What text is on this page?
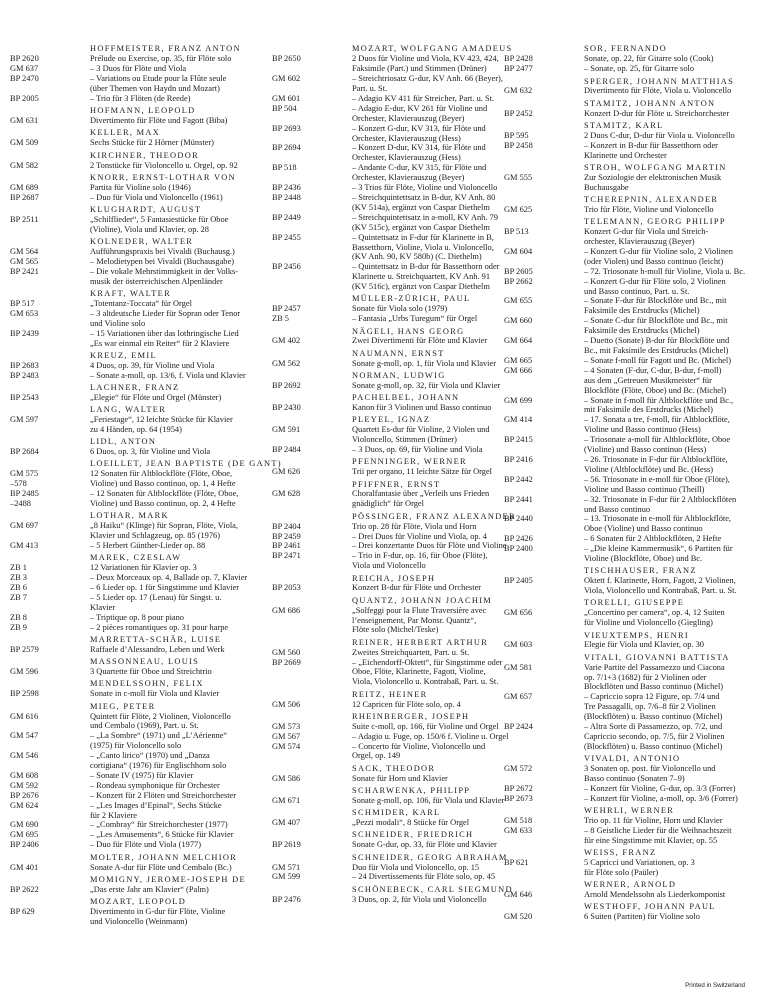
HOFFMEISTER, FRANZ ANTON
BP 2620	Prélude ou Exercise, op. 35, für Flöte solo
GM 637	– 3 Duos für Flöte und Viola
BP 2470	– Variations ou Etude pour la Flûte seule
(über Themen von Haydn und Mozart)
BP 2005	– Trio für 3 Flöten (de Reede)
HOFMANN, LEOPOLD
GM 631	Divertimento für Flöte und Fagott (Biba)
KELLER, MAX
GM 509	Sechs Stücke für 2 Hörner (Münster)
KIRCHNER, THEODOR
GM 582	2 Tonstücke für Violoncello u. Orgel, op. 92
KNORR, ERNST-LOTHAR VON
GM 689	Partita für Violine solo (1946)
BP 2687	– Duo für Viola und Violoncello (1961)
KLUGHARDT, AUGUST
BP 2511	„Schilflieder“, 5 Fantasiestücke für Oboe
(Violine), Viola und Klavier, op. 28
KOLNEDER, WALTER
GM 564	Aufführungspraxis bei Vivaldi (Buchausg.)
GM 565	– Melodietypen bei Vivaldi (Buchausgabe)
BP 2421	– Die vokale Mehrstimmigkeit in der Volks-
musik der österreichischen Alpenländer
KRAFT, WALTER
BP 517	„Totentanz-Toccata“ für Orgel
GM 653	– 3 altdeutsche Lieder für Sopran oder Tenor
und Violine solo
BP 2439	– 15 Variationen über das lothringische Lied
„Es war einmal ein Reiter“ für 2 Klaviere
KREUZ, EMIL
BP 2683	4 Duos, op. 39, für Violine und Viola
BP 2483	– Sonate a-moll, op. 13/6, f. Viola und Klavier
LACHNER, FRANZ
BP 2543	„Elegie“ für Flöte und Orgel (Münster)
LANG, WALTER
GM 597	„Feriestage“, 12 leichte Stücke für Klavier
zu 4 Händen, op. 64 (1954)
LIDL, ANTON
BP 2684	6 Duos, op. 3, für Violine und Viola
LOEILLET, JEAN BAPTISTE (DE GANT)
GM 575	12 Sonaten für Altblockflöte (Flöte, Oboe,
–578	Violine) und Basso continuo, op. 1, 4 Hefte
BP 2485	– 12 Sonaten für Altblockflöte (Flöte, Oboe,
–2488	Violine) und Basso continuo, op. 2, 4 Hefte
LOTHAR, MARK
GM 697	„8 Haiku“ (Klinge) für Sopran, Flöte, Viola,
Klavier und Schlagzeug, op. 85 (1976)
GM 413	– 5 Herbert Günther-Lieder op. 88
MAREK, CZESLAW
ZB 1	12 Variationen für Klavier op. 3
ZB 3	– Deux Morceaux op. 4, Ballade op. 7, Klavier
ZB 6	– 6 Lieder op. 1 für Singstimme und Klavier
ZB 7	– 5 Lieder op. 17 (Lenau) für Singst. u. Klavier
ZB 8	– Triptique op. 8 pour piano
ZB 9	– 2 pièces romantiques op. 31 pour harpe
MARRETTA-SCHÄR, LUISE
BP 2579	Raffaele d’Alessandro, Leben und Werk
MASSONNEAU, LOUIS
GM 596	3 Quartette für Oboe und Streichtrio
MENDELSSOHN, FELIX
BP 2598	Sonate in c-moll für Viola und Klavier
MIEG, PETER
GM 616	Quintett für Flöte, 2 Violinen, Violoncello
und Cembalo (1969), Part. u. St.
GM 547	– „La Sombre“ (1971) und „L’Aérienne“
(1975) für Violoncello solo
GM 546	– „Canto lirico“ (1970) und „Danza
cortigiana“ (1976) für Englischhorn solo
GM 608	– Sonate IV (1975) für Klavier
GM 592	– Rondeau symphonique für Orchester
BP 2676	– Konzert für 2 Flöten und Streichorchester
GM 624	– „Les Images d’Epinal“, Sechs Stücke
für 2 Klaviere
GM 690	– „Combray“ für Streichorchester (1977)
GM 695	– „Les Amusements“, 6 Stücke für Klavier
BP 2406	– Duo für Flöte und Viola (1977)
MOLTER, JOHANN MELCHIOR
GM 401	Sonate A-dur für Flöte und Cembalo (Bc.)
MOMIGNY, JEROME-JOSEPH DE
BP 2622	„Das erste Jahr am Klavier“ (Palm)
MOZART, LEOPOLD
BP 629	Divertimento in G-dur für Flöte, Violine
und Violoncello (Weinmann)
MOZART, WOLFGANG AMADEUS
BP 2650	2 Duos für Violine und Viola, KV 423, 424,
Faksimile (Part.) und Stimmen (Drüner)
GM 602	– Streichtriosatz G-dur, KV Anh. 66 (Beyer),
Part. u. St.
GM 601	– Adagio KV 411 für Streicher, Part. u. St.
BP 504	– Adagio E-dur, KV 261 für Violine und
Orchester, Klavierauszug (Beyer)
BP 2693	– Konzert G-dur, KV 313, für Flöte und
Orchester, Klavierauszug (Hess)
BP 2694	– Konzert D-dur, KV 314, für Flöte und
Orchester, Klavierauszug (Hess)
BP 518	– Andante C-dur, KV 315, für Flöte und
Orchester, Klavierauszug (Beyer)
BP 2436	– 3 Trios für Flöte, Violine und Violoncello
BP 2448	– Streichquintettsatz in B-dur, KV Anh. 80
(KV 514a), ergänzt von Caspar Diethelm
BP 2449	– Streichquintettsatz in a-moll, KV Anh. 79
(KV 515c), ergänzt von Caspar Diethelm
BP 2455	– Quintettsatz in F-dur für Klarinette in B,
Bassetthorn, Violine, Viola u. Violoncello,
(KV Anh. 90, KV 580b) (C. Diethelm)
BP 2456	– Quintettsatz in B-dur für Bassetthorn oder
Klarinette u. Streichquartett, KV Anh. 91
(KV 516c), ergänzt von Caspar Diethelm
MÜLLER-ZÜRICH, PAUL
BP 2457	Sonate für Viola solo (1979)
ZB 5	– Fantasia „Urbs Turegum“ für Orgel
NÄGELI, HANS GEORG
GM 402	Zwei Divertimenti für Flöte und Klavier
NAUMANN, ERNST
GM 562	Sonate g-moll, op. 1, für Viola und Klavier
NORMAN, LUDWIG
BP 2692	Sonate g-moll, op. 32, für Viola und Klavier
PACHELBEL, JOHANN
BP 2430	Kanon für 3 Violinen und Basso continuo
PLEYEL, IGNAZ
GM 591	Quartett Es-dur für Violine, 2 Violen und
Violoncello, Stimmen (Drüner)
BP 2484	– 3 Duos, op. 69, für Violine und Viola
PFENNINGER, WERNER
GM 626	Trii per organo, 11 leichte Sätze für Orgel
PFIFFNER, ERNST
GM 628	Choralfantasie über „Verleih uns Frieden
gnädiglich“ für Orgel
PÖSSINGER, FRANZ ALEXANDER
BP 2404	Trio op. 28 für Flöte, Viola und Horn
BP 2459	– Drei Duos für Violine und Viola, op. 4
BP 2461	– Drei konzertante Duos für Flöte und Violine
BP 2471	– Trio in F-dur, op. 16, für Oboe (Flöte),
Viola und Violoncello
REICHA, JOSEPH
BP 2053	Konzert B-dur für Flöte und Orchester
QUANTZ, JOHANN JOACHIM
GM 686	„Solfeggi pour la Flute Traversière avec
l’enseignement, Par Monsr. Quantz“,
Flöte solo (Michel/Teske)
REINER, HERBERT ARTHUR
GM 560	Zweites Streichquartett, Part. u. St.
BP 2669	– „Eichendorff-Oktett“, für Singstimme oder
Oboe, Flöte, Klarinette, Fagott, Violine,
Viola, Violoncello u. Kontrabaß, Part. u. St.
REITZ, HEINER
GM 506	12 Capricen für Flöte solo, op. 4
RHEINBERGER, JOSEPH
GM 573	Suite c-moll, op. 166, für Violine und Orgel
GM 567	– Adagio u. Fuge, op. 150/6 f. Violine u. Orgel
GM 574	– Concerto für Violine, Violoncello und
Orgel, op. 149
SACK, THEODOR
GM 586	Sonate für Horn und Klavier
SCHARWENKA, PHILIPP
GM 671	Sonate g-moll, op. 106, für Viola und Klavier
SCHMIDER, KARL
GM 407	„Pezzi modali“, 8 Stücke für Orgel
SCHNEIDER, FRIEDRICH
BP 2619	Sonate G-dur, op. 33, für Flöte und Klavier
SCHNEIDER, GEORG ABRAHAM
GM 571	Duo für Viola und Violoncello, op. 15
GM 599	– 24 Divertissements für Flöte solo, op. 45
SCHÖNEBECK, CARL SIEGMUND
BP 2476	3 Duos, op. 2, für Viola und Violoncello
SOR, FERNANDO
BP 2428	Sonate, op. 22, für Gitarre solo (Cook)
BP 2477	– Sonate, op. 25, für Gitarre solo
SPERGER, JOHANN MATTHIAS
GM 632	Divertimento für Flöte, Viola u. Violoncello
STAMITZ, JOHANN ANTON
BP 2452	Konzert D-dur für Flöte u. Streichorchester
STAMITZ, KARL
BP 595	2 Duos C-dur, D-dur für Viola u. Violoncello
BP 2458	– Konzert in B-dur für Bassetthorn oder
Klarinette und Orchester
STROH, WOLFGANG MARTIN
GM 555	Zur Soziologie der elektronischen Musik
Buchausgabe
TCHEREPNIN, ALEXANDER
GM 625	Trio für Flöte, Violine und Violoncello
TELEMANN, GEORG PHILIPP
BP 513	Konzert G-dur für Viola und Streich-
orchester, Klavierauszug (Beyer)
GM 604	– Konzert G-dur für Violine solo, 2 Violinen
(oder Violen) und Basso continuo (leicht)
BP 2605	– 72. Triosonate h-moll für Violine, Viola u. Bc.
BP 2662	– Konzert G-dur für Flöte solo, 2 Violinen
und Basso continuo, Part. u. St.
GM 655	– Sonate F-dur für Blockflöte und Bc., mit
Faksimile des Erstdrucks (Michel)
GM 660	– Sonate C-dur für Blockflöte und Bc., mit
Faksimile des Erstdrucks (Michel)
GM 664	– Duetto (Sonate) B-dur für Blockflöte und
Bc., mit Faksimile des Erstdrucks (Michel)
GM 665	– Sonate f-moll für Fagott und Bc. (Michel)
GM 666	– 4 Sonaten (F-dur, C-dur, B-dur, f-moll)
aus dem „Getreuen Musikmeister“ für
Blockflöte (Flöte, Oboe) und Bc. (Michel)
GM 699	– Sonate in f-moll für Altblockflöte und Bc.,
mit Faksimile des Erstdrucks (Michel)
GM 414	– 17. Sonata a tre, f-moll, für Altblockflöte,
Violine und Basso continuo (Hess)
BP 2415	– Triosonate a-moll für Altblockflöte, Oboe
(Violine) und Basso continuo (Hess)
BP 2416	– 26. Triosonate in F-dur für Altblockflöte,
Violine (Altblockflöte) und Bc. (Hess)
BP 2442	– 56. Triosonate in e-moll für Oboe (Flöte),
Violine und Basso continuo (Theill)
BP 2441	– 32. Triosonate in F-dur für 2 Altblockflöten
und Basso continuo
BP 2440	– 13. Triosonate in e-moll für Altblockflöte,
Oboe (Violine) und Basso continuo
BP 2426	– 6 Sonaten für 2 Altblockflöten, 2 Hefte
BP 2400	– „Die kleine Kammermusik“, 6 Partiten für
Violine (Blockflöte, Oboe) und Bc.
TISCHHAUSER, FRANZ
BP 2405	Oktett f. Klarinette, Horn, Fagott, 2 Violinen,
Viola, Violoncello und Kontrabaß, Part. u. St.
TORELLI, GIUSEPPE
GM 656	„Concertino per camera“, op. 4, 12 Suiten
für Violine und Violoncello (Giegling)
VIEUXTEMPS, HENRI
GM 603	Elegie für Viola und Klavier, op. 30
VITALI, GIOVANNI BATTISTA
GM 581	Varie Partite del Passamezzo und Ciacona
op. 7/1+3 (1682) für 2 Violinen oder
Blockflöten und Basso continuo (Michel)
GM 657	– Capriccio sopra 12 Figure, op. 7/4 und
Tre Passagalli, op. 7/6–8 für 2 Violinen
(Blockflöten) u. Basso continuo (Michel)
BP 2424	– Altra Sorte di Passamezzo, op. 7/2, und
Capriccio secondo, op. 7/5, für 2 Violinen
(Blockflöten) u. Basso continuo (Michel)
VIVALDI, ANTONIO
GM 572	3 Sonaten op. post. für Violoncello und
Basso continuo (Sonaten 7–9)
BP 2672	– Konzert für Violine, G-dur, op. 3/3 (Forrer)
BP 2673	– Konzert für Violine, a-moll, op. 3/6 (Forrer)
WEHRLI, WERNER
GM 518	Trio op. 11 für Violine, Horn und Klavier
GM 633	– 8 Geistliche Lieder für die Weihnachtszeit
für eine Singstimme mit Klavier, op. 55
WEISS, FRANZ
BP 621	5 Capricci und Variationen, op. 3
für Flöte solo (Paüler)
WERNER, ARNOLD
GM 646	Arnold Mendelssohn als Liederkomponist
WESTHOFF, JOHANN PAUL
GM 520	6 Suiten (Partiten) für Violine solo
Printed in Switzerland
